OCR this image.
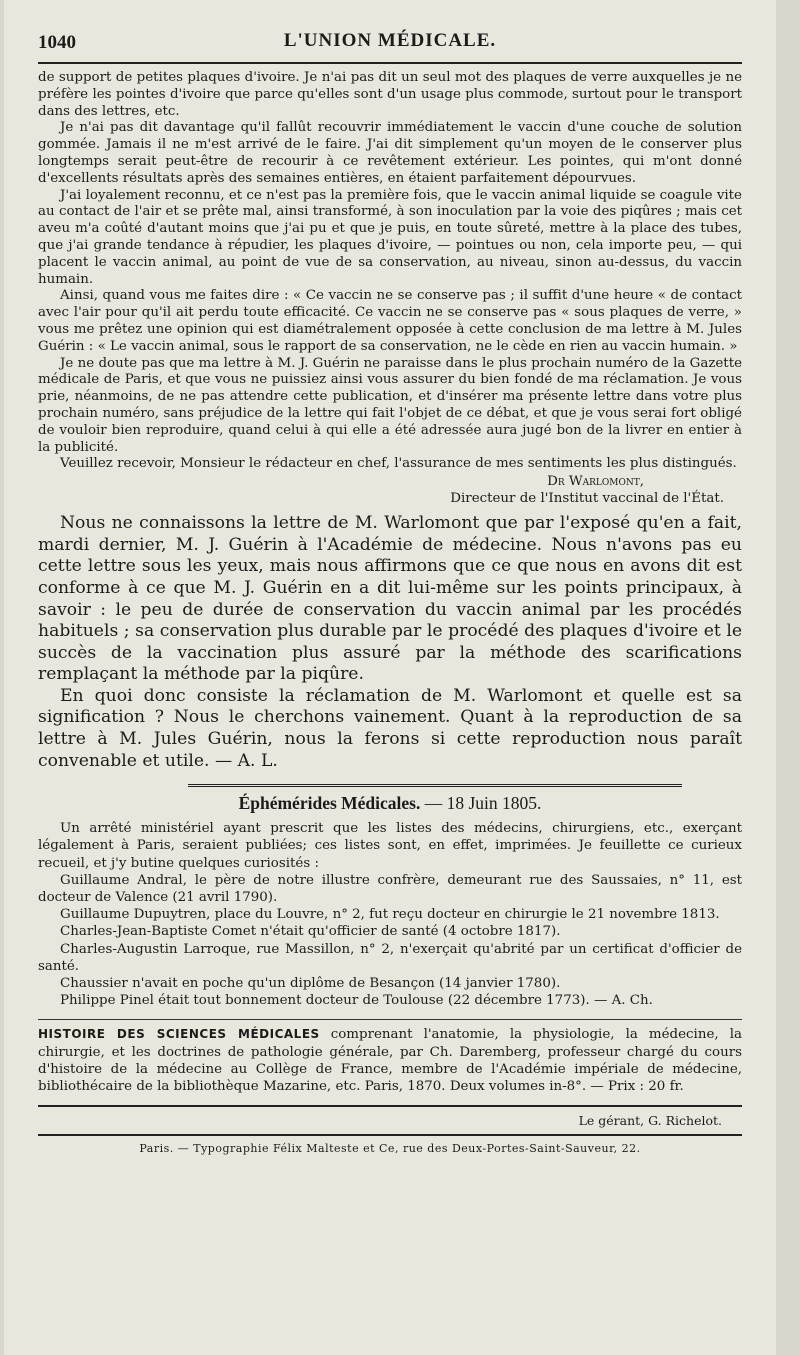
1040	L'UNION MÉDICALE.

de support de petites plaques d'ivoire. Je n'ai pas dit un seul mot des plaques de verre auxquelles je ne préfère les pointes d'ivoire que parce qu'elles sont d'un usage plus commode, surtout pour le transport dans des lettres, etc.

Je n'ai pas dit davantage qu'il fallût recouvrir immédiatement le vaccin d'une couche de solution gommée. Jamais il ne m'est arrivé de le faire. J'ai dit simplement qu'un moyen de le conserver plus longtemps serait peut-être de recourir à ce revêtement extérieur. Les pointes, qui m'ont donné d'excellents résultats après des semaines entières, en étaient parfaitement dépourvues.

J'ai loyalement reconnu, et ce n'est pas la première fois, que le vaccin animal liquide se coagule vite au contact de l'air et se prête mal, ainsi transformé, à son inoculation par la voie des piqûres ; mais cet aveu m'a coûté d'autant moins que j'ai pu et que je puis, en toute sûreté, mettre à la place des tubes, que j'ai grande tendance à répudier, les plaques d'ivoire, — pointues ou non, cela importe peu, — qui placent le vaccin animal, au point de vue de sa conservation, au niveau, sinon au-dessus, du vaccin humain.

Ainsi, quand vous me faites dire : « Ce vaccin ne se conserve pas ; il suffit d'une heure « de contact avec l'air pour qu'il ait perdu toute efficacité. Ce vaccin ne se conserve pas « sous plaques de verre, » vous me prêtez une opinion qui est diamétralement opposée à cette conclusion de ma lettre à M. Jules Guérin : « Le vaccin animal, sous le rapport de sa conservation, ne le cède en rien au vaccin humain. »

Je ne doute pas que ma lettre à M. J. Guérin ne paraisse dans le plus prochain numéro de la Gazette médicale de Paris, et que vous ne puissiez ainsi vous assurer du bien fondé de ma réclamation. Je vous prie, néanmoins, de ne pas attendre cette publication, et d'insérer ma présente lettre dans votre plus prochain numéro, sans préjudice de la lettre qui fait l'objet de ce débat, et que je vous serai fort obligé de vouloir bien reproduire, quand celui à qui elle a été adressée aura jugé bon de la livrer en entier à la publicité.

Veuillez recevoir, Monsieur le rédacteur en chef, l'assurance de mes sentiments les plus distingués.

Dr Warlomont,
Directeur de l'Institut vaccinal de l'État.

Nous ne connaissons la lettre de M. Warlomont que par l'exposé qu'en a fait, mardi dernier, M. J. Guérin à l'Académie de médecine. Nous n'avons pas eu cette lettre sous les yeux, mais nous affirmons que ce que nous en avons dit est conforme à ce que M. J. Guérin en a dit lui-même sur les points principaux, à savoir : le peu de durée de conservation du vaccin animal par les procédés habituels ; sa conservation plus durable par le procédé des plaques d'ivoire et le succès de la vaccination plus assuré par la méthode des scarifications remplaçant la méthode par la piqûre.

En quoi donc consiste la réclamation de M. Warlomont et quelle est sa signification ? Nous le cherchons vainement. Quant à la reproduction de sa lettre à M. Jules Guérin, nous la ferons si cette reproduction nous paraît convenable et utile. — A. L.

Éphémérides Médicales. — 18 Juin 1805.

Un arrêté ministériel ayant prescrit que les listes des médecins, chirurgiens, etc., exerçant légalement à Paris, seraient publiées; ces listes sont, en effet, imprimées. Je feuillette ce curieux recueil, et j'y butine quelques curiosités :

Guillaume Andral, le père de notre illustre confrère, demeurant rue des Saussaies, n° 11, est docteur de Valence (21 avril 1790).

Guillaume Dupuytren, place du Louvre, n° 2, fut reçu docteur en chirurgie le 21 novembre 1813.

Charles-Jean-Baptiste Comet n'était qu'officier de santé (4 octobre 1817).

Charles-Augustin Larroque, rue Massillon, n° 2, n'exerçait qu'abrité par un certificat d'officier de santé.

Chaussier n'avait en poche qu'un diplôme de Besançon (14 janvier 1780).

Philippe Pinel était tout bonnement docteur de Toulouse (22 décembre 1773). — A. Ch.

HISTOIRE DES SCIENCES MÉDICALES comprenant l'anatomie, la physiologie, la médecine, la chirurgie, et les doctrines de pathologie générale, par Ch. Daremberg, professeur chargé du cours d'histoire de la médecine au Collège de France, membre de l'Académie impériale de médecine, bibliothécaire de la bibliothèque Mazarine, etc. Paris, 1870. Deux volumes in-8°. — Prix : 20 fr.

Le gérant, G. Richelot.
Paris. — Typographie Félix Malteste et Ce, rue des Deux-Portes-Saint-Sauveur, 22.
